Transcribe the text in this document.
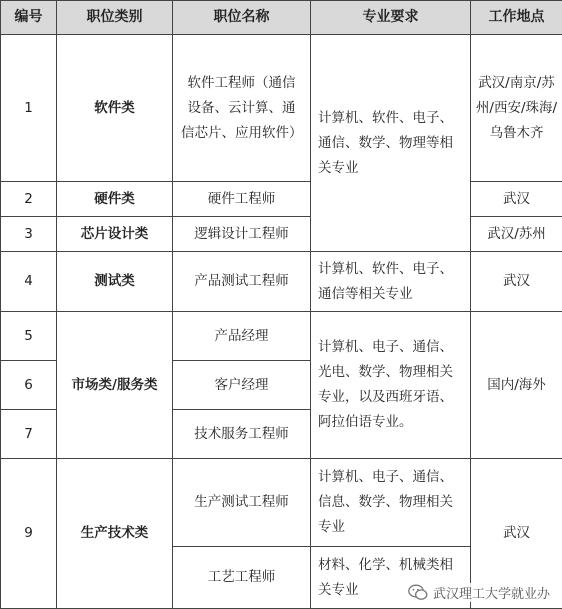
编号	职位类别	职位名称	专业要求	工作地点
1	软件类	软件工程师（通信设备、云计算、通信芯片、应用软件）	计算机、软件、电子、通信、数学、物理等相关专业	武汉/南京/苏州/西安/珠海/乌鲁木齐
2	硬件类	硬件工程师		武汉
3	芯片设计类	逻辑设计工程师		武汉/苏州
4	测试类	产品测试工程师	计算机、软件、电子、通信等相关专业	武汉
5	市场类/服务类	产品经理	计算机、电子、通信、光电、数学、物理相关专业，以及西班牙语、阿拉伯语专业。	国内/海外
6		客户经理		
7		技术服务工程师		
9	生产技术类	生产测试工程师	计算机、电子、通信、信息、数学、物理相关专业	武汉
		工艺工程师	材料、化学、机械类相关专业		武汉理工大学就业办
